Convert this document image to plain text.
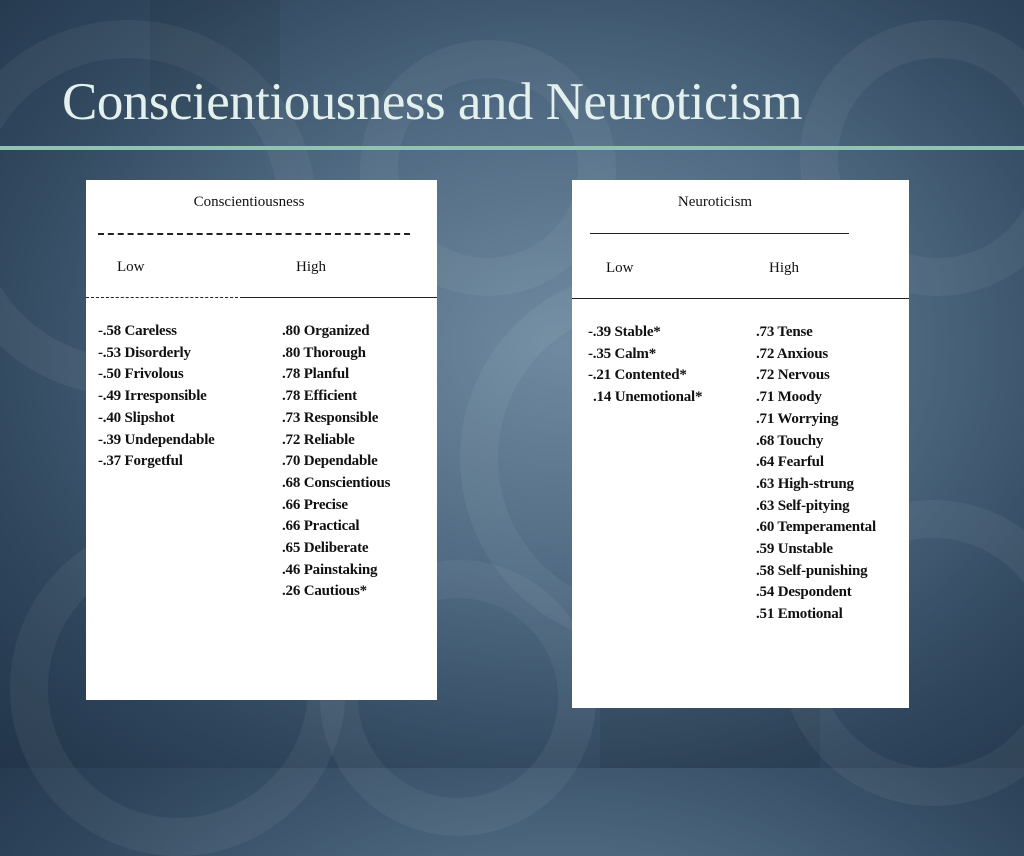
Conscientiousness and Neuroticism
Conscientiousness
Low	High
-.58 Careless
-.53 Disorderly
-.50 Frivolous
-.49 Irresponsible
-.40 Slipshot
-.39 Undependable
-.37 Forgetful
.80 Organized
.80 Thorough
.78 Planful
.78 Efficient
.73 Responsible
.72 Reliable
.70 Dependable
.68 Conscientious
.66 Precise
.66 Practical
.65 Deliberate
.46 Painstaking
.26 Cautious*
Neuroticism
Low	High
-.39 Stable*
-.35 Calm*
-.21 Contented*
.14 Unemotional*
.73 Tense
.72 Anxious
.72 Nervous
.71 Moody
.71 Worrying
.68 Touchy
.64 Fearful
.63 High-strung
.63 Self-pitying
.60 Temperamental
.59 Unstable
.58 Self-punishing
.54 Despondent
.51 Emotional
